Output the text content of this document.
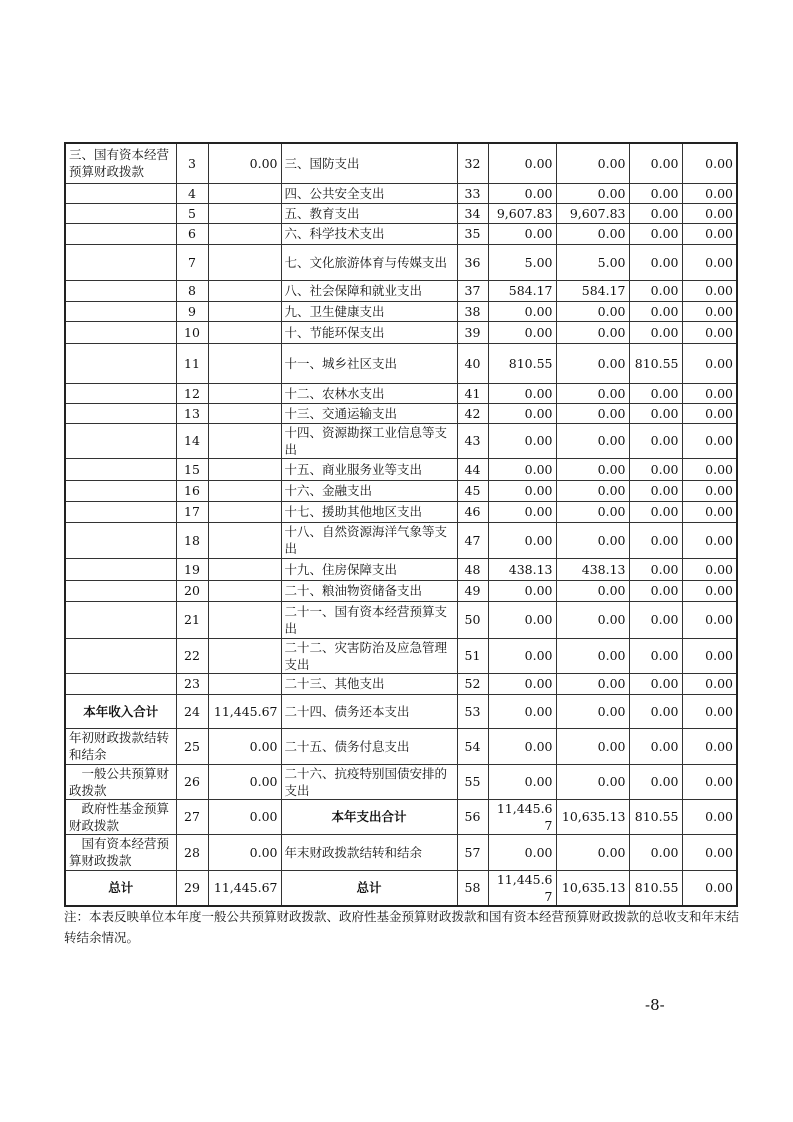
三、国有资本经营预算财政拨款	3	0.00	三、国防支出	32	0.00	0.00	0.00	0.00
	4		四、公共安全支出	33	0.00	0.00	0.00	0.00
	5		五、教育支出	34	9,607.83	9,607.83	0.00	0.00
	6		六、科学技术支出	35	0.00	0.00	0.00	0.00
	7		七、文化旅游体育与传媒支出	36	5.00	5.00	0.00	0.00
	8		八、社会保障和就业支出	37	584.17	584.17	0.00	0.00
	9		九、卫生健康支出	38	0.00	0.00	0.00	0.00
	10		十、节能环保支出	39	0.00	0.00	0.00	0.00
	11		十一、城乡社区支出	40	810.55	0.00	810.55	0.00
	12		十二、农林水支出	41	0.00	0.00	0.00	0.00
	13		十三、交通运输支出	42	0.00	0.00	0.00	0.00
	14		十四、资源勘探工业信息等支出	43	0.00	0.00	0.00	0.00
	15		十五、商业服务业等支出	44	0.00	0.00	0.00	0.00
	16		十六、金融支出	45	0.00	0.00	0.00	0.00
	17		十七、援助其他地区支出	46	0.00	0.00	0.00	0.00
	18		十八、自然资源海洋气象等支出	47	0.00	0.00	0.00	0.00
	19		十九、住房保障支出	48	438.13	438.13	0.00	0.00
	20		二十、粮油物资储备支出	49	0.00	0.00	0.00	0.00
	21		二十一、国有资本经营预算支出	50	0.00	0.00	0.00	0.00
	22		二十二、灾害防治及应急管理支出	51	0.00	0.00	0.00	0.00
	23		二十三、其他支出	52	0.00	0.00	0.00	0.00
本年收入合计	24	11,445.67	二十四、债务还本支出	53	0.00	0.00	0.00	0.00
年初财政拨款结转和结余	25	0.00	二十五、债务付息支出	54	0.00	0.00	0.00	0.00
一般公共预算财政拨款	26	0.00	二十六、抗疫特别国债安排的支出	55	0.00	0.00	0.00	0.00
政府性基金预算财政拨款	27	0.00	本年支出合计	56	11,445.67	10,635.13	810.55	0.00
国有资本经营预算财政拨款	28	0.00	年末财政拨款结转和结余	57	0.00	0.00	0.00	0.00
总计	29	11,445.67	总计	58	11,445.67	10,635.13	810.55	0.00
注：本表反映单位本年度一般公共预算财政拨款、政府性基金预算财政拨款和国有资本经营预算财政拨款的总收支和年末结转结余情况。
-8-
